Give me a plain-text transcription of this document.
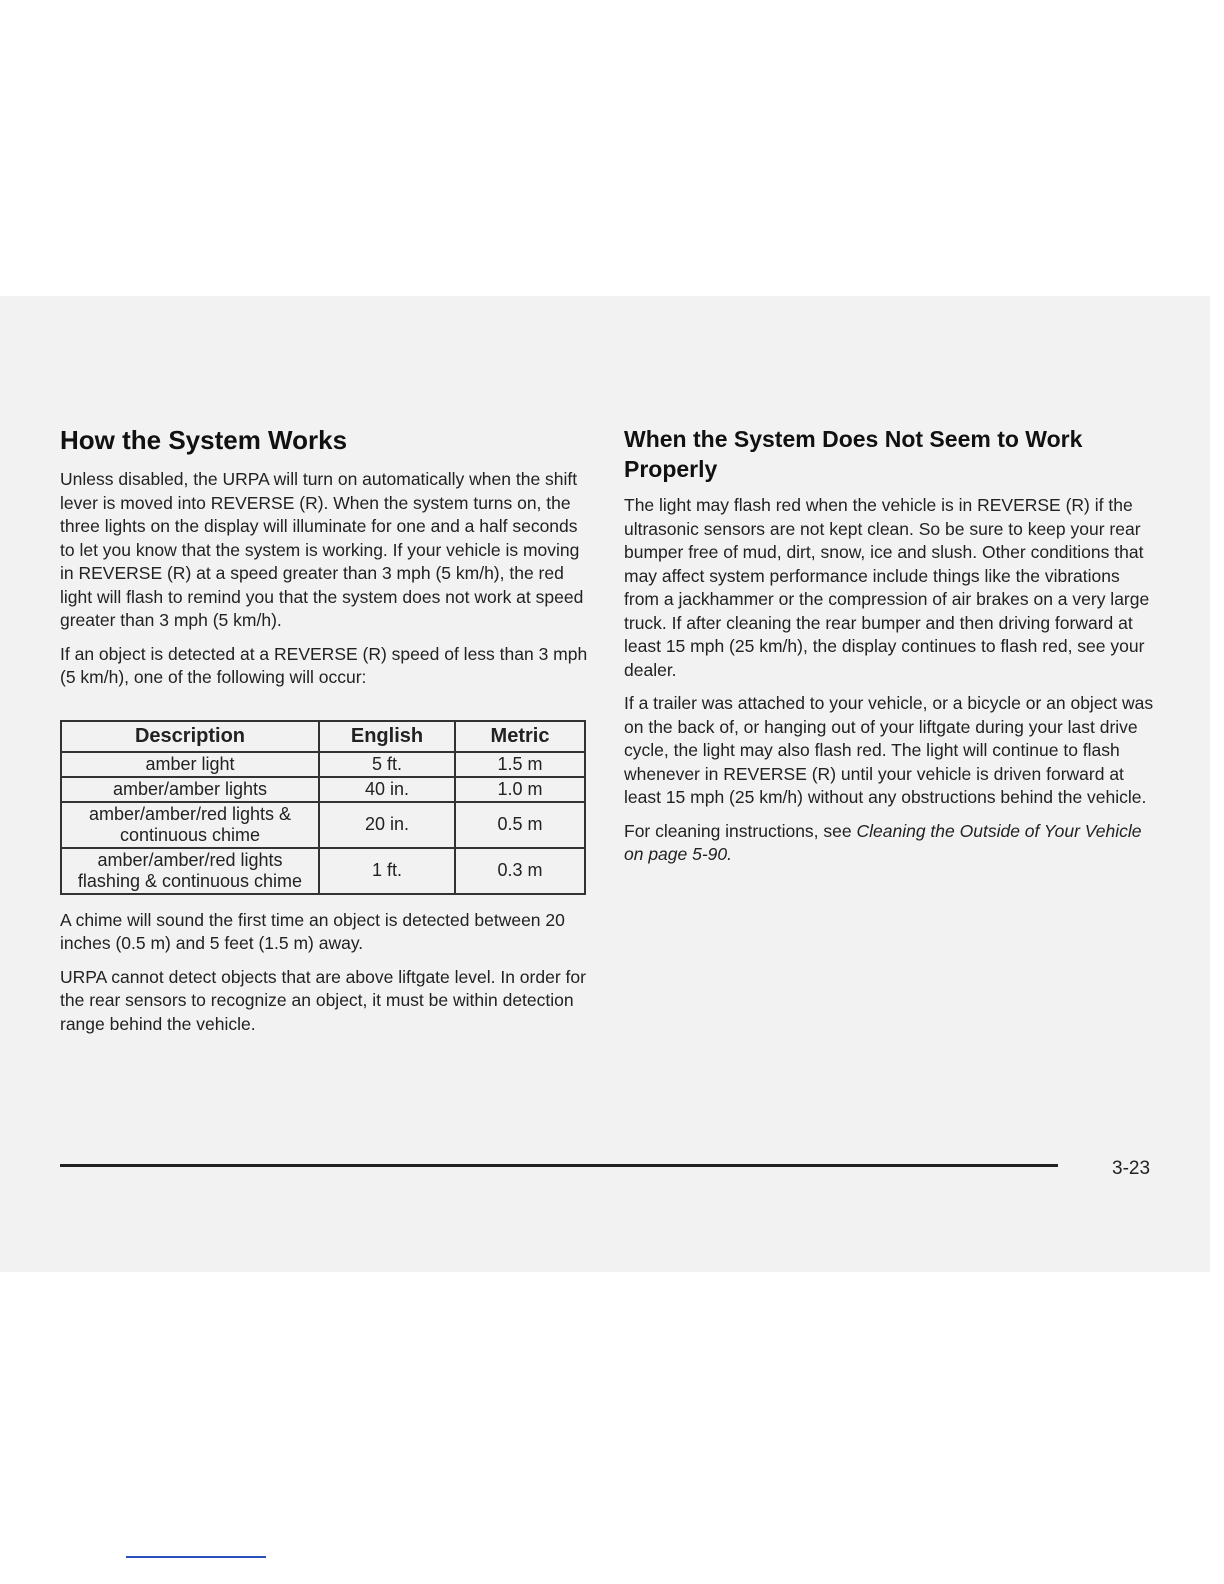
How the System Works

Unless disabled, the URPA will turn on automatically when the shift lever is moved into REVERSE (R). When the system turns on, the three lights on the display will illuminate for one and a half seconds to let you know that the system is working. If your vehicle is moving in REVERSE (R) at a speed greater than 3 mph (5 km/h), the red light will flash to remind you that the system does not work at speed greater than 3 mph (5 km/h).

If an object is detected at a REVERSE (R) speed of less than 3 mph (5 km/h), one of the following will occur:

Description	English	Metric
amber light	5 ft.	1.5 m
amber/amber lights	40 in.	1.0 m
amber/amber/red lights & continuous chime	20 in.	0.5 m
amber/amber/red lights flashing & continuous chime	1 ft.	0.3 m

A chime will sound the first time an object is detected between 20 inches (0.5 m) and 5 feet (1.5 m) away.

URPA cannot detect objects that are above liftgate level. In order for the rear sensors to recognize an object, it must be within detection range behind the vehicle.

When the System Does Not Seem to Work Properly

The light may flash red when the vehicle is in REVERSE (R) if the ultrasonic sensors are not kept clean. So be sure to keep your rear bumper free of mud, dirt, snow, ice and slush. Other conditions that may affect system performance include things like the vibrations from a jackhammer or the compression of air brakes on a very large truck. If after cleaning the rear bumper and then driving forward at least 15 mph (25 km/h), the display continues to flash red, see your dealer.

If a trailer was attached to your vehicle, or a bicycle or an object was on the back of, or hanging out of your liftgate during your last drive cycle, the light may also flash red. The light will continue to flash whenever in REVERSE (R) until your vehicle is driven forward at least 15 mph (25 km/h) without any obstructions behind the vehicle.

For cleaning instructions, see Cleaning the Outside of Your Vehicle on page 5-90.

3-23
